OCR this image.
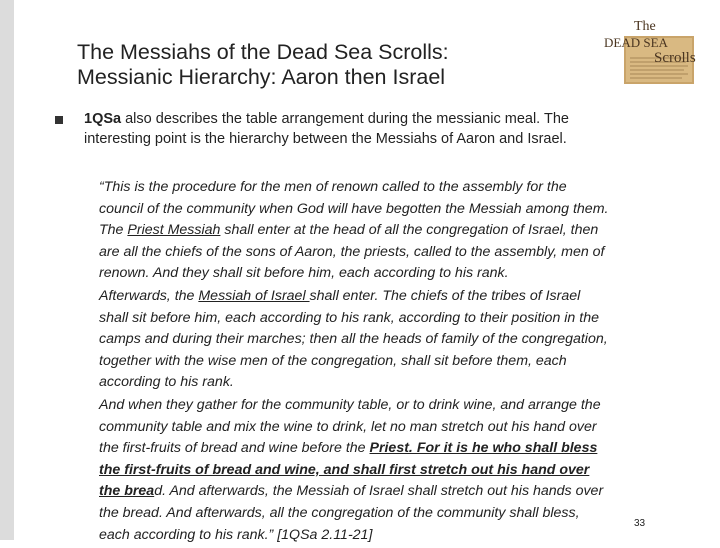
The Messiahs of the Dead Sea Scrolls:
Messianic Hierarchy: Aaron then Israel
The
DEAD SEA
Scrolls
1QSa also describes the table arrangement during the messianic meal. The
interesting point is the hierarchy between the Messiahs of Aaron and Israel.

“This is the procedure for the men of renown called to the assembly for the

council of the community when God will have begotten the Messiah among them.

The Priest Messiah shall enter at the head of all the congregation of Israel, then

are all the chiefs of the sons of Aaron, the priests, called to the assembly, men of

renown. And they shall sit before him, each according to his rank.

Afterwards, the Messiah of Israel shall enter. The chiefs of the tribes of Israel

shall sit before him, each according to his rank, according to their position in the

camps and during their marches; then all the heads of family of the congregation,

together with the wise men of the congregation, shall sit before them, each

according to his rank.

And when they gather for the community table, or to drink wine, and arrange the

community table and mix the wine to drink, let no man stretch out his hand over

the first-fruits of bread and wine before the Priest. For it is he who shall bless

the first-fruits of bread and wine, and shall first stretch out his hand over

the bread. And afterwards, the Messiah of Israel shall stretch out his hands over

the bread. And afterwards, all the congregation of the community shall bless,

each according to his rank.” [1QSa 2.11-21]

33
